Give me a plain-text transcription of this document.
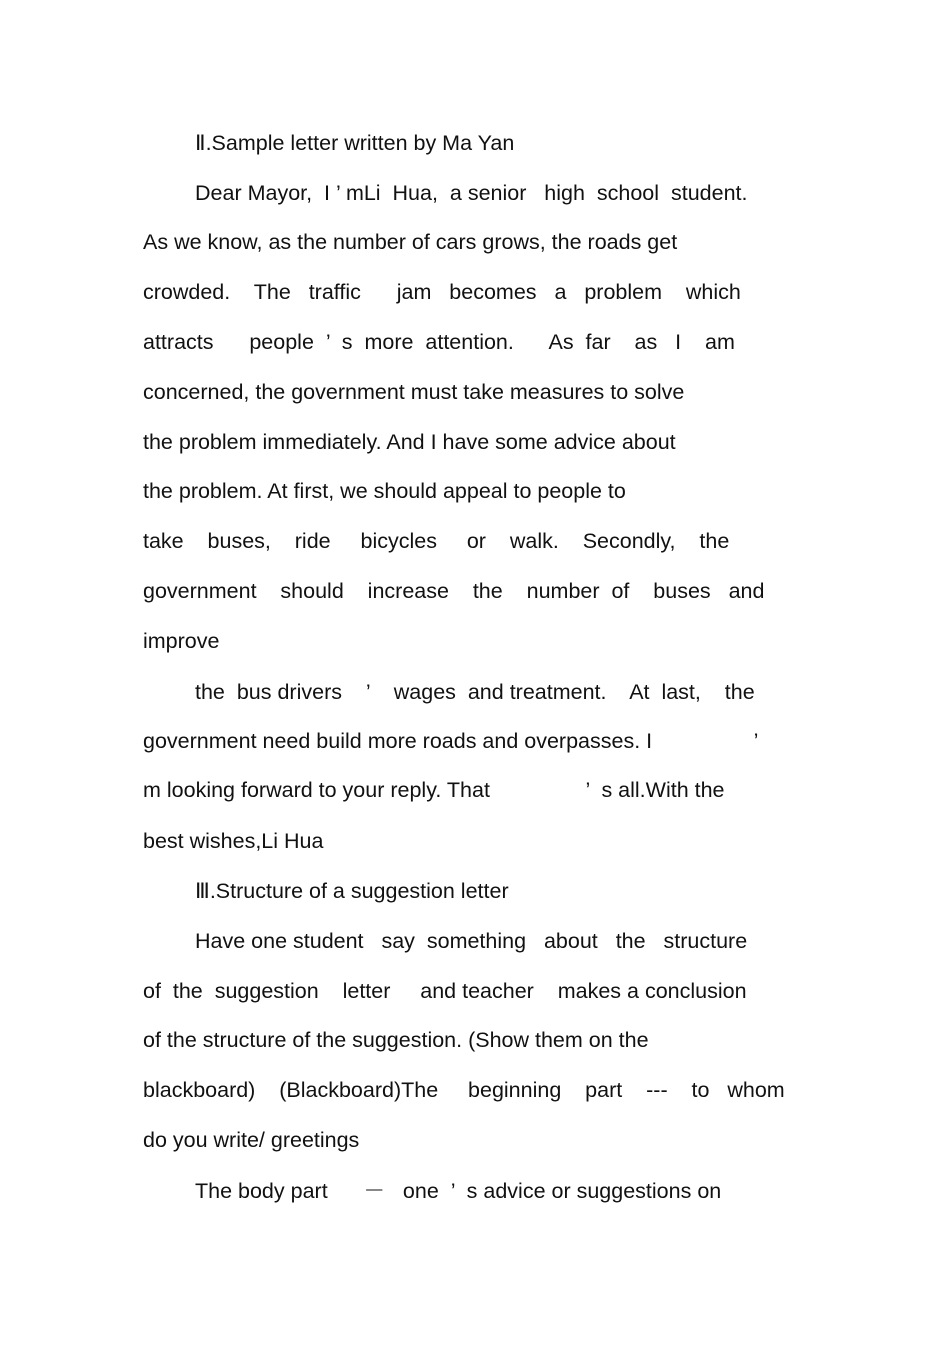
Ⅱ.Sample letter written by Ma Yan
Dear Mayor,  I ’ mLi  Hua,  a senior   high  school  student.
As we know, as the number of cars grows, the roads get
crowded.    The   traffic      jam   becomes   a   problem    which
attracts      people  ’  s  more  attention.      As  far    as   I    am
concerned, the government must take measures to solve
the problem immediately. And I have some advice about
the problem. At first, we should appeal to people to
take    buses,    ride     bicycles     or    walk.    Secondly,    the
government    should    increase    the    number  of    buses   and
improve
the  bus drivers    ’    wages  and treatment.    At  last,    the
government need build more roads and overpasses. I                 ’
m looking forward to your reply. That                ’  s all.With the
best wishes,Li Hua
Ⅲ.Structure of a suggestion letter
Have one student   say  something   about   the   structure
of  the  suggestion    letter     and teacher    makes a conclusion
of the structure of the suggestion. (Show them on the
blackboard)    (Blackboard)The     beginning    part    ---    to   whom
do you write/ greetings
The body part      －   one  ’  s advice or suggestions on
